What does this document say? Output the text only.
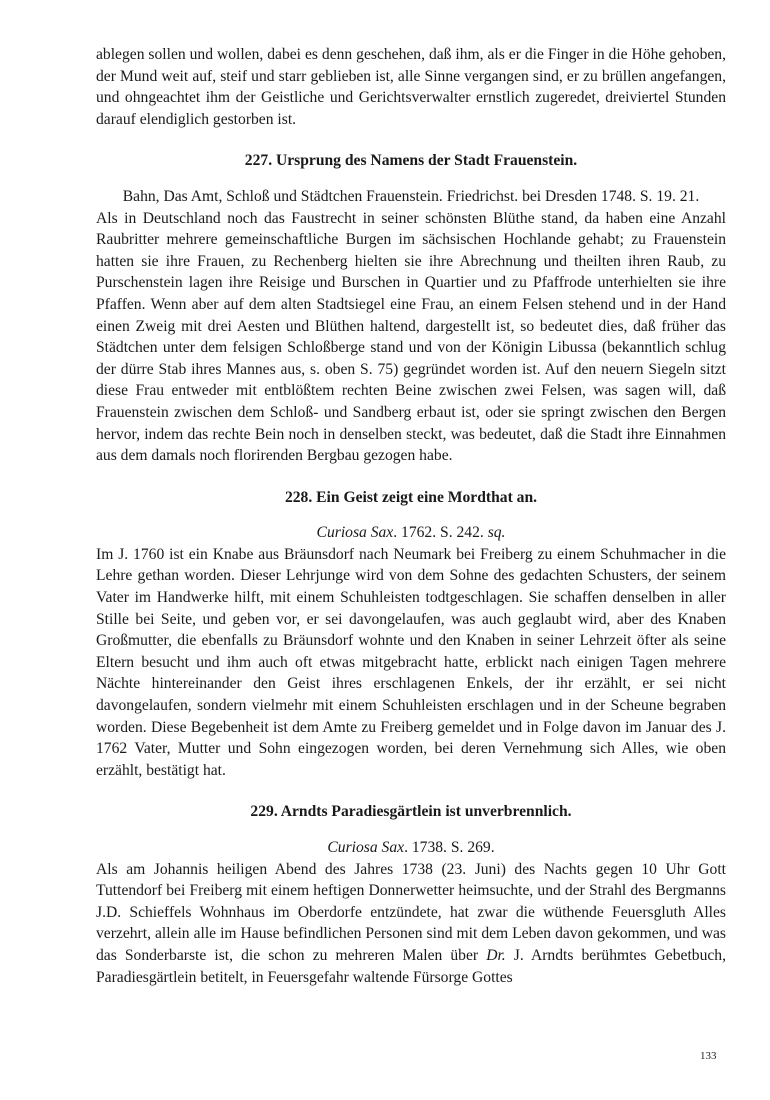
ablegen sollen und wollen, dabei es denn geschehen, daß ihm, als er die Finger in die Höhe gehoben, der Mund weit auf, steif und starr geblieben ist, alle Sinne vergangen sind, er zu brüllen angefangen, und ohngeachtet ihm der Geistliche und Gerichtsverwalter ernstlich zugeredet, dreiviertel Stunden darauf elendiglich gestorben ist.

227. Ursprung des Namens der Stadt Frauenstein.

Bahn, Das Amt, Schloß und Städtchen Frauenstein. Friedrichst. bei Dresden 1748. S. 19. 21.

Als in Deutschland noch das Faustrecht in seiner schönsten Blüthe stand, da haben eine Anzahl Raubritter mehrere gemeinschaftliche Burgen im sächsischen Hochlande gehabt; zu Frauenstein hatten sie ihre Frauen, zu Rechenberg hielten sie ihre Abrechnung und theilten ihren Raub, zu Purschenstein lagen ihre Reisige und Burschen in Quartier und zu Pfaffrode unterhielten sie ihre Pfaffen. Wenn aber auf dem alten Stadtsiegel eine Frau, an einem Felsen stehend und in der Hand einen Zweig mit drei Aesten und Blüthen haltend, dargestellt ist, so bedeutet dies, daß früher das Städtchen unter dem felsigen Schloßberge stand und von der Königin Libussa (bekanntlich schlug der dürre Stab ihres Mannes aus, s. oben S. 75) gegründet worden ist. Auf den neuern Siegeln sitzt diese Frau entweder mit entblößtem rechten Beine zwischen zwei Felsen, was sagen will, daß Frauenstein zwischen dem Schloß- und Sandberg erbaut ist, oder sie springt zwischen den Bergen hervor, indem das rechte Bein noch in denselben steckt, was bedeutet, daß die Stadt ihre Einnahmen aus dem damals noch florirenden Bergbau gezogen habe.

228. Ein Geist zeigt eine Mordthat an.

Curiosa Sax. 1762. S. 242. sq.

Im J. 1760 ist ein Knabe aus Bräunsdorf nach Neumark bei Freiberg zu einem Schuhmacher in die Lehre gethan worden. Dieser Lehrjunge wird von dem Sohne des gedachten Schusters, der seinem Vater im Handwerke hilft, mit einem Schuhleisten todtgeschlagen. Sie schaffen denselben in aller Stille bei Seite, und geben vor, er sei davongelaufen, was auch geglaubt wird, aber des Knaben Großmutter, die ebenfalls zu Bräunsdorf wohnte und den Knaben in seiner Lehrzeit öfter als seine Eltern besucht und ihm auch oft etwas mitgebracht hatte, erblickt nach einigen Tagen mehrere Nächte hintereinander den Geist ihres erschlagenen Enkels, der ihr erzählt, er sei nicht davongelaufen, sondern vielmehr mit einem Schuhleisten erschlagen und in der Scheune begraben worden. Diese Begebenheit ist dem Amte zu Freiberg gemeldet und in Folge davon im Januar des J. 1762 Vater, Mutter und Sohn eingezogen worden, bei deren Vernehmung sich Alles, wie oben erzählt, bestätigt hat.

229. Arndts Paradiesgärtlein ist unverbrennlich.

Curiosa Sax. 1738. S. 269.

Als am Johannis heiligen Abend des Jahres 1738 (23. Juni) des Nachts gegen 10 Uhr Gott Tuttendorf bei Freiberg mit einem heftigen Donnerwetter heimsuchte, und der Strahl des Bergmanns J.D. Schieffels Wohnhaus im Oberdorfe entzündete, hat zwar die wüthende Feuersgluth Alles verzehrt, allein alle im Hause befindlichen Personen sind mit dem Leben davon gekommen, und was das Sonderbarste ist, die schon zu mehreren Malen über Dr. J. Arndts berühmtes Gebetbuch, Paradiesgärtlein betitelt, in Feuersgefahr waltende Fürsorge Gottes

133
